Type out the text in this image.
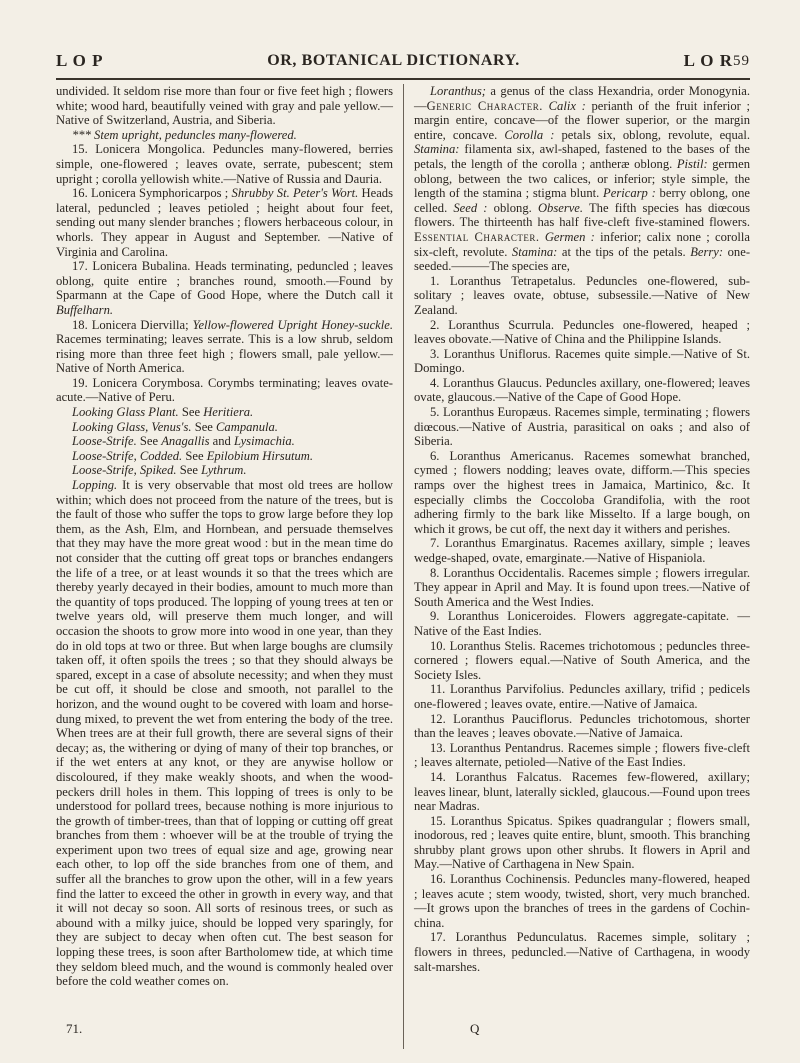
L O P	OR, BOTANICAL DICTIONARY.	L O R 59

undivided. It seldom rise more than four or five feet high ; flowers white; wood hard, beautifully veined with gray and pale yellow.—Native of Switzerland, Austria, and Siberia.

*** Stem upright, peduncles many-flowered.

15. Lonicera Mongolica. Peduncles many-flowered, berries simple, one-flowered ; leaves ovate, serrate, pubescent; stem upright ; corolla yellowish white.—Native of Russia and Dauria.

16. Lonicera Symphoricarpos ; Shrubby St. Peter's Wort. Heads lateral, peduncled ; leaves petioled ; height about four feet, sending out many slender branches ; flowers herbaceous colour, in whorls. They appear in August and September. —Native of Virginia and Carolina.

17. Lonicera Bubalina. Heads terminating, peduncled ; leaves oblong, quite entire ; branches round, smooth.—Found by Sparmann at the Cape of Good Hope, where the Dutch call it Buffelharn.

18. Lonicera Diervilla; Yellow-flowered Upright Honey-suckle. Racemes terminating; leaves serrate. This is a low shrub, seldom rising more than three feet high ; flowers small, pale yellow.—Native of North America.

19. Lonicera Corymbosa. Corymbs terminating; leaves ovate-acute.—Native of Peru.

Looking Glass Plant. See Heritiera.

Looking Glass, Venus's. See Campanula.

Loose-Strife. See Anagallis and Lysimachia.

Loose-Strife, Codded. See Epilobium Hirsutum.

Loose-Strife, Spiked. See Lythrum.

Lopping. It is very observable that most old trees are hollow within; which does not proceed from the nature of the trees, but is the fault of those who suffer the tops to grow large before they lop them, as the Ash, Elm, and Hornbean, and persuade themselves that they may have the more great wood : but in the mean time do not consider that the cutting off great tops or branches endangers the life of a tree, or at least wounds it so that the trees which are thereby yearly decayed in their bodies, amount to much more than the quantity of tops produced. The lopping of young trees at ten or twelve years old, will preserve them much longer, and will occasion the shoots to grow more into wood in one year, than they do in old tops at two or three. But when large boughs are clumsily taken off, it often spoils the trees ; so that they should always be spared, except in a case of absolute necessity; and when they must be cut off, it should be close and smooth, not parallel to the horizon, and the wound ought to be covered with loam and horse-dung mixed, to prevent the wet from entering the body of the tree. When trees are at their full growth, there are several signs of their decay; as, the withering or dying of many of their top branches, or if the wet enters at any knot, or they are anywise hollow or discoloured, if they make weakly shoots, and when the wood-peckers drill holes in them. This lopping of trees is only to be understood for pollard trees, because nothing is more injurious to the growth of timber-trees, than that of lopping or cutting off great branches from them : whoever will be at the trouble of trying the experiment upon two trees of equal size and age, growing near each other, to lop off the side branches from one of them, and suffer all the branches to grow upon the other, will in a few years find the latter to exceed the other in growth in every way, and that it will not decay so soon. All sorts of resinous trees, or such as abound with a milky juice, should be lopped very sparingly, for they are subject to decay when often cut. The best season for lopping these trees, is soon after Bartholomew tide, at which time they seldom bleed much, and the wound is commonly healed over before the cold weather comes on.

Loranthus; a genus of the class Hexandria, order Monogynia.—Generic Character. Calix : perianth of the fruit inferior ; margin entire, concave—of the flower superior, or the margin entire, concave. Corolla : petals six, oblong, revolute, equal. Stamina: filamenta six, awl-shaped, fastened to the bases of the petals, the length of the corolla ; antheræ oblong. Pistil: germen oblong, between the two calices, or inferior; style simple, the length of the stamina ; stigma blunt. Pericarp : berry oblong, one celled. Seed : oblong. Observe. The fifth species has diœcous flowers. The thirteenth has half five-cleft five-stamined flowers. Essential Character. Germen : inferior; calix none ; corolla six-cleft, revolute. Stamina: at the tips of the petals. Berry: one-seeded.———The species are,

1. Loranthus Tetrapetalus. Peduncles one-flowered, sub-solitary ; leaves ovate, obtuse, subsessile.—Native of New Zealand.

2. Loranthus Scurrula. Peduncles one-flowered, heaped ; leaves obovate.—Native of China and the Philippine Islands.

3. Loranthus Uniflorus. Racemes quite simple.—Native of St. Domingo.

4. Loranthus Glaucus. Peduncles axillary, one-flowered; leaves ovate, glaucous.—Native of the Cape of Good Hope.

5. Loranthus Europæus. Racemes simple, terminating ; flowers diœcous.—Native of Austria, parasitical on oaks ; and also of Siberia.

6. Loranthus Americanus. Racemes somewhat branched, cymed ; flowers nodding; leaves ovate, difform.—This species ramps over the highest trees in Jamaica, Martinico, &c. It especially climbs the Coccoloba Grandifolia, with the root adhering firmly to the bark like Misselto. If a large bough, on which it grows, be cut off, the next day it withers and perishes.

7. Loranthus Emarginatus. Racemes axillary, simple ; leaves wedge-shaped, ovate, emarginate.—Native of Hispaniola.

8. Loranthus Occidentalis. Racemes simple ; flowers irregular. They appear in April and May. It is found upon trees.—Native of South America and the West Indies.

9. Loranthus Loniceroides. Flowers aggregate-capitate. —Native of the East Indies.

10. Loranthus Stelis. Racemes trichotomous ; peduncles three-cornered ; flowers equal.—Native of South America, and the Society Isles.

11. Loranthus Parvifolius. Peduncles axillary, trifid ; pedicels one-flowered ; leaves ovate, entire.—Native of Jamaica.

12. Loranthus Pauciflorus. Peduncles trichotomous, shorter than the leaves ; leaves obovate.—Native of Jamaica.

13. Loranthus Pentandrus. Racemes simple ; flowers five-cleft ; leaves alternate, petioled—Native of the East Indies.

14. Loranthus Falcatus. Racemes few-flowered, axillary; leaves linear, blunt, laterally sickled, glaucous.—Found upon trees near Madras.

15. Loranthus Spicatus. Spikes quadrangular ; flowers small, inodorous, red ; leaves quite entire, blunt, smooth. This branching shrubby plant grows upon other shrubs. It flowers in April and May.—Native of Carthagena in New Spain.

16. Loranthus Cochinensis. Peduncles many-flowered, heaped ; leaves acute ; stem woody, twisted, short, very much branched.—It grows upon the branches of trees in the gardens of Cochin-china.

17. Loranthus Pedunculatus. Racemes simple, solitary ; flowers in threes, peduncled.—Native of Carthagena, in woody salt-marshes.

71.	Q
